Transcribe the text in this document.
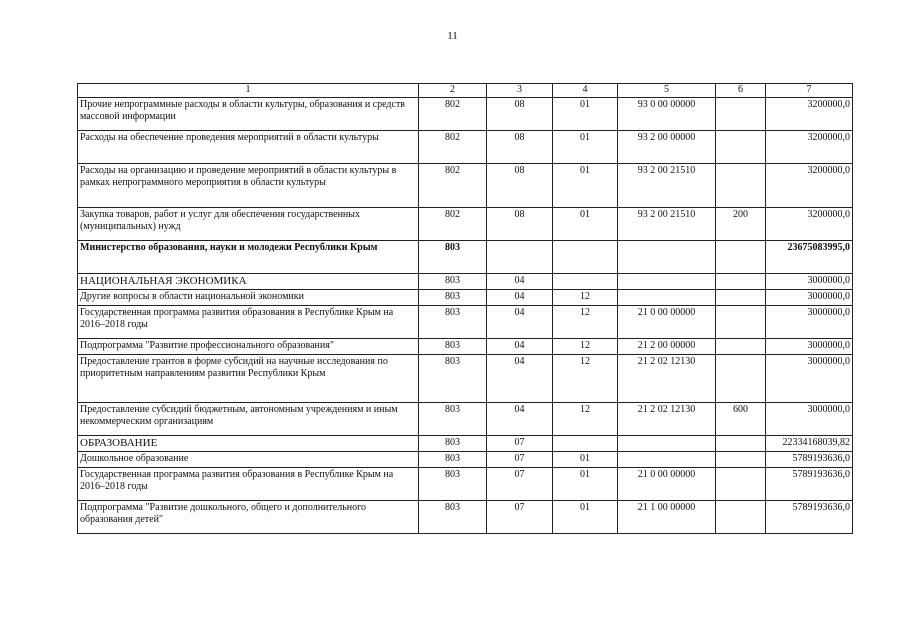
11
1	2	3	4	5	6	7
Прочие непрограммные расходы в области культуры, образования и средств массовой информации	802	08	01	93 0 00 00000		3200000,0
Расходы на обеспечение проведения мероприятий в области культуры	802	08	01	93 2 00 00000		3200000,0
Расходы на организацию и проведение мероприятий в области культуры в рамках непрограммного мероприятия в области культуры	802	08	01	93 2 00 21510		3200000,0
Закупка товаров, работ и услуг для обеспечения государственных (муниципальных) нужд	802	08	01	93 2 00 21510	200	3200000,0
Министерство образования, науки и молодежи Республики Крым	803					23675083995,0
НАЦИОНАЛЬНАЯ ЭКОНОМИКА	803	04				3000000,0
Другие вопросы в области национальной экономики	803	04	12			3000000,0
Государственная программа развития образования в Республике Крым на 2016–2018 годы	803	04	12	21 0 00 00000		3000000,0
Подпрограмма "Развитие профессионального образования"	803	04	12	21 2 00 00000		3000000,0
Предоставление грантов в форме субсидий на научные исследования по приоритетным направлениям развития Республики Крым	803	04	12	21 2 02 12130		3000000,0
Предоставление субсидий бюджетным, автономным учреждениям и иным некоммерческим организациям	803	04	12	21 2 02 12130	600	3000000,0
ОБРАЗОВАНИЕ	803	07				22334168039,82
Дошкольное образование	803	07	01			5789193636,0
Государственная программа развития образования в Республике Крым на 2016–2018 годы	803	07	01	21 0 00 00000		5789193636,0
Подпрограмма "Развитие дошкольного, общего и дополнительного образования детей"	803	07	01	21 1 00 00000		5789193636,0
